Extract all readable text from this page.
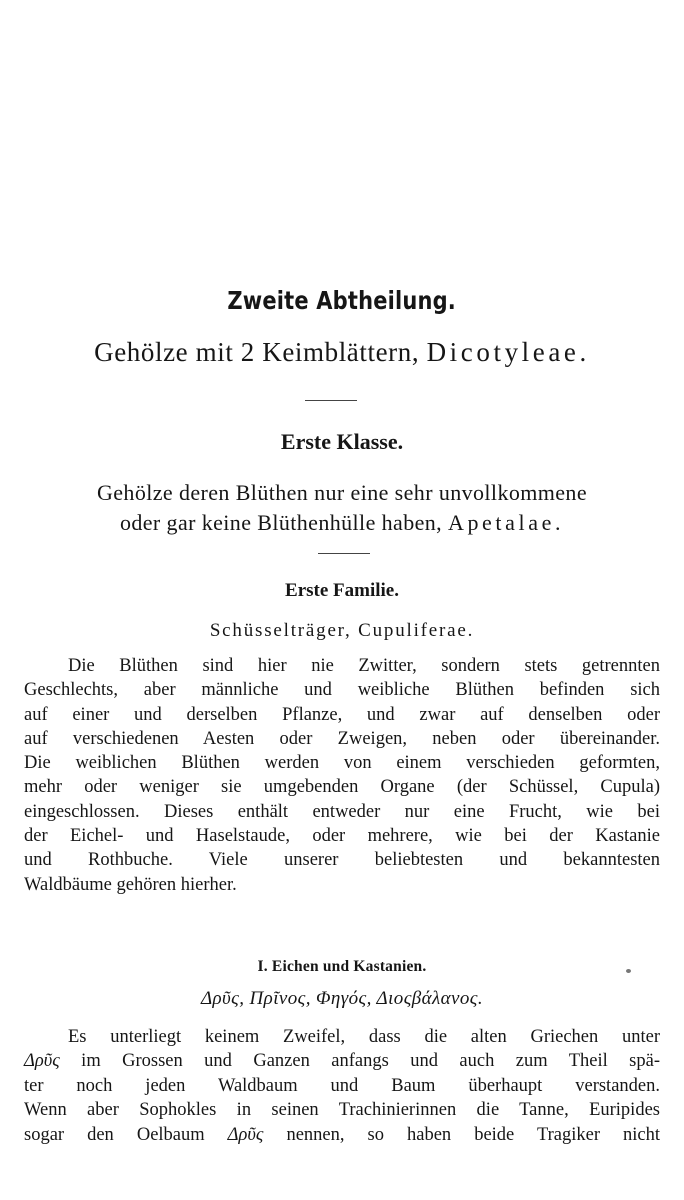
Zweite Abtheilung.
Gehölze mit 2 Keimblättern, Dicotyleae.
Erste Klasse.
Gehölze deren Blüthen nur eine sehr unvollkommene
oder gar keine Blüthenhülle haben, Apetalae.
Erste Familie.
Schüsselträger, Cupuliferae.
Die Blüthen sind hier nie Zwitter, sondern stets getrennten
Geschlechts, aber männliche und weibliche Blüthen befinden sich
auf einer und derselben Pflanze, und zwar auf denselben oder
auf verschiedenen Aesten oder Zweigen, neben oder übereinander.
Die weiblichen Blüthen werden von einem verschieden geformten,
mehr oder weniger sie umgebenden Organe (der Schüssel, Cupula)
eingeschlossen. Dieses enthält entweder nur eine Frucht, wie bei
der Eichel- und Haselstaude, oder mehrere, wie bei der Kastanie
und Rothbuche. Viele unserer beliebtesten und bekanntesten
Waldbäume gehören hierher.
I. Eichen und Kastanien.
Δρῦς, Πρῖνος, Φηγός, Διοςβάλανος.
Es unterliegt keinem Zweifel, dass die alten Griechen unter
Δρῦς im Grossen und Ganzen anfangs und auch zum Theil spä-
ter noch jeden Waldbaum und Baum überhaupt verstanden.
Wenn aber Sophokles in seinen Trachinierinnen die Tanne, Euripides
sogar den Oelbaum Δρῦς nennen, so haben beide Tragiker nicht
